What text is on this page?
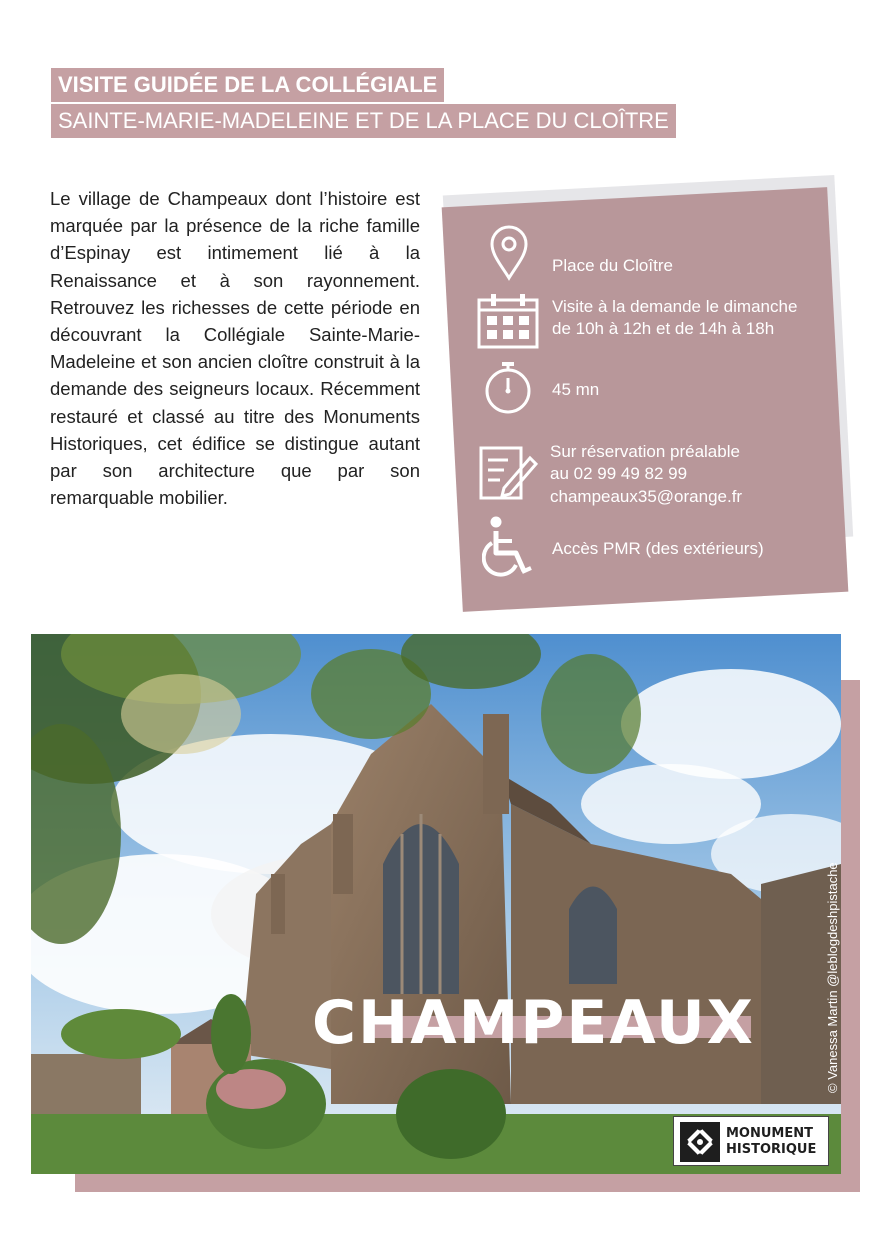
VISITE GUIDÉE DE LA COLLÉGIALE
SAINTE-MARIE-MADELEINE ET DE LA PLACE DU CLOÎTRE

Le village de Champeaux dont l’histoire est marquée par la présence de la riche famille d’Espinay est intimement lié à la Renaissance et à son rayonnement. Retrouvez les richesses de cette période en découvrant la Collégiale Sainte-Marie-Madeleine et son ancien cloître construit à la demande des seigneurs locaux. Récemment restauré et classé au titre des Monuments Historiques, cet édifice se distingue autant par son architecture que par son remarquable mobilier.

Place du Cloître
Visite à la demande le dimanche de 10h à 12h et de 14h à 18h
45 mn
Sur réservation préalable
au 02 99 49 82 99
champeaux35@orange.fr
Accès PMR (des extérieurs)
CHAMPEAUX	© Vanessa Martin @leblogdeshpistache
MONUMENT
HISTORIQUE
